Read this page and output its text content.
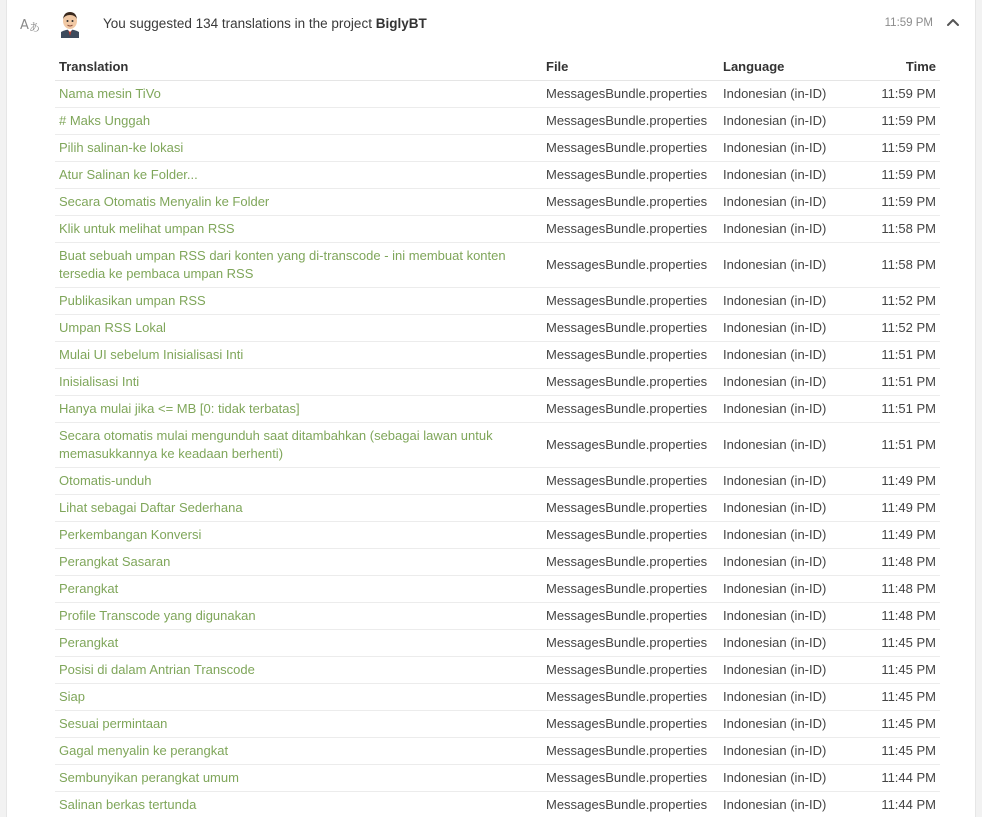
A あ	You suggested 134 translations in the project BiglyBT	11:59 PM
Translation	File	Language	Time
Nama mesin TiVo	MessagesBundle.properties	Indonesian (in-ID)	11:59 PM
# Maks Unggah	MessagesBundle.properties	Indonesian (in-ID)	11:59 PM
Pilih salinan-ke lokasi	MessagesBundle.properties	Indonesian (in-ID)	11:59 PM
Atur Salinan ke Folder...	MessagesBundle.properties	Indonesian (in-ID)	11:59 PM
Secara Otomatis Menyalin ke Folder	MessagesBundle.properties	Indonesian (in-ID)	11:59 PM
Klik untuk melihat umpan RSS	MessagesBundle.properties	Indonesian (in-ID)	11:58 PM
Buat sebuah umpan RSS dari konten yang di-transcode - ini membuat konten tersedia ke pembaca umpan RSS	MessagesBundle.properties	Indonesian (in-ID)	11:58 PM
Publikasikan umpan RSS	MessagesBundle.properties	Indonesian (in-ID)	11:52 PM
Umpan RSS Lokal	MessagesBundle.properties	Indonesian (in-ID)	11:52 PM
Mulai UI sebelum Inisialisasi Inti	MessagesBundle.properties	Indonesian (in-ID)	11:51 PM
Inisialisasi Inti	MessagesBundle.properties	Indonesian (in-ID)	11:51 PM
Hanya mulai jika <= MB [0: tidak terbatas]	MessagesBundle.properties	Indonesian (in-ID)	11:51 PM
Secara otomatis mulai mengunduh saat ditambahkan (sebagai lawan untuk memasukkannya ke keadaan berhenti)	MessagesBundle.properties	Indonesian (in-ID)	11:51 PM
Otomatis-unduh	MessagesBundle.properties	Indonesian (in-ID)	11:49 PM
Lihat sebagai Daftar Sederhana	MessagesBundle.properties	Indonesian (in-ID)	11:49 PM
Perkembangan Konversi	MessagesBundle.properties	Indonesian (in-ID)	11:49 PM
Perangkat Sasaran	MessagesBundle.properties	Indonesian (in-ID)	11:48 PM
Perangkat	MessagesBundle.properties	Indonesian (in-ID)	11:48 PM
Profile Transcode yang digunakan	MessagesBundle.properties	Indonesian (in-ID)	11:48 PM
Perangkat	MessagesBundle.properties	Indonesian (in-ID)	11:45 PM
Posisi di dalam Antrian Transcode	MessagesBundle.properties	Indonesian (in-ID)	11:45 PM
Siap	MessagesBundle.properties	Indonesian (in-ID)	11:45 PM
Sesuai permintaan	MessagesBundle.properties	Indonesian (in-ID)	11:45 PM
Gagal menyalin ke perangkat	MessagesBundle.properties	Indonesian (in-ID)	11:45 PM
Sembunyikan perangkat umum	MessagesBundle.properties	Indonesian (in-ID)	11:44 PM
Salinan berkas tertunda	MessagesBundle.properties	Indonesian (in-ID)	11:44 PM
